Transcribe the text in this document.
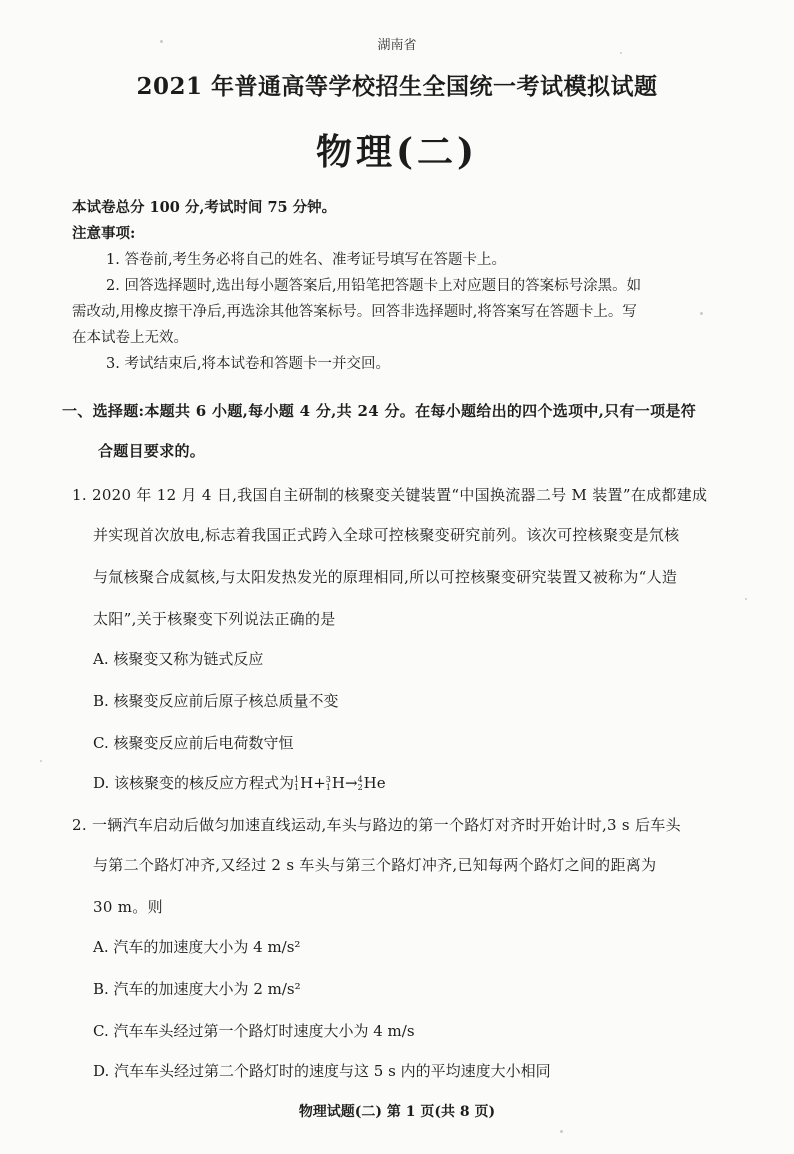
湖南省
2021 年普通高等学校招生全国统一考试模拟试题
物理(二)
本试卷总分 100 分,考试时间 75 分钟。
注意事项:
1. 答卷前,考生务必将自己的姓名、准考证号填写在答题卡上。
2. 回答选择题时,选出每小题答案后,用铅笔把答题卡上对应题目的答案标号涂黑。如
需改动,用橡皮擦干净后,再选涂其他答案标号。回答非选择题时,将答案写在答题卡上。写
在本试卷上无效。
3. 考试结束后,将本试卷和答题卡一并交回。
一、选择题:本题共 6 小题,每小题 4 分,共 24 分。在每小题给出的四个选项中,只有一项是符
合题目要求的。
1. 2020 年 12 月 4 日,我国自主研制的核聚变关键装置“中国换流器二号 M 装置”在成都建成
并实现首次放电,标志着我国正式跨入全球可控核聚变研究前列。该次可控核聚变是氘核
与氚核聚合成氦核,与太阳发热发光的原理相同,所以可控核聚变研究装置又被称为“人造
太阳”,关于核聚变下列说法正确的是
A. 核聚变又称为链式反应
B. 核聚变反应前后原子核总质量不变
C. 核聚变反应前后电荷数守恒
D. 该核聚变的核反应方程式为 1
1 H+ 3
1 H→ 4
2 He
2. 一辆汽车启动后做匀加速直线运动,车头与路边的第一个路灯对齐时开始计时,3 s 后车头
与第二个路灯冲齐,又经过 2 s 车头与第三个路灯冲齐,已知每两个路灯之间的距离为
30 m。则
A. 汽车的加速度大小为 4 m/s²
B. 汽车的加速度大小为 2 m/s²
C. 汽车车头经过第一个路灯时速度大小为 4 m/s
D. 汽车车头经过第二个路灯时的速度与这 5 s 内的平均速度大小相同
物理试题(二) 第 1 页(共 8 页)
